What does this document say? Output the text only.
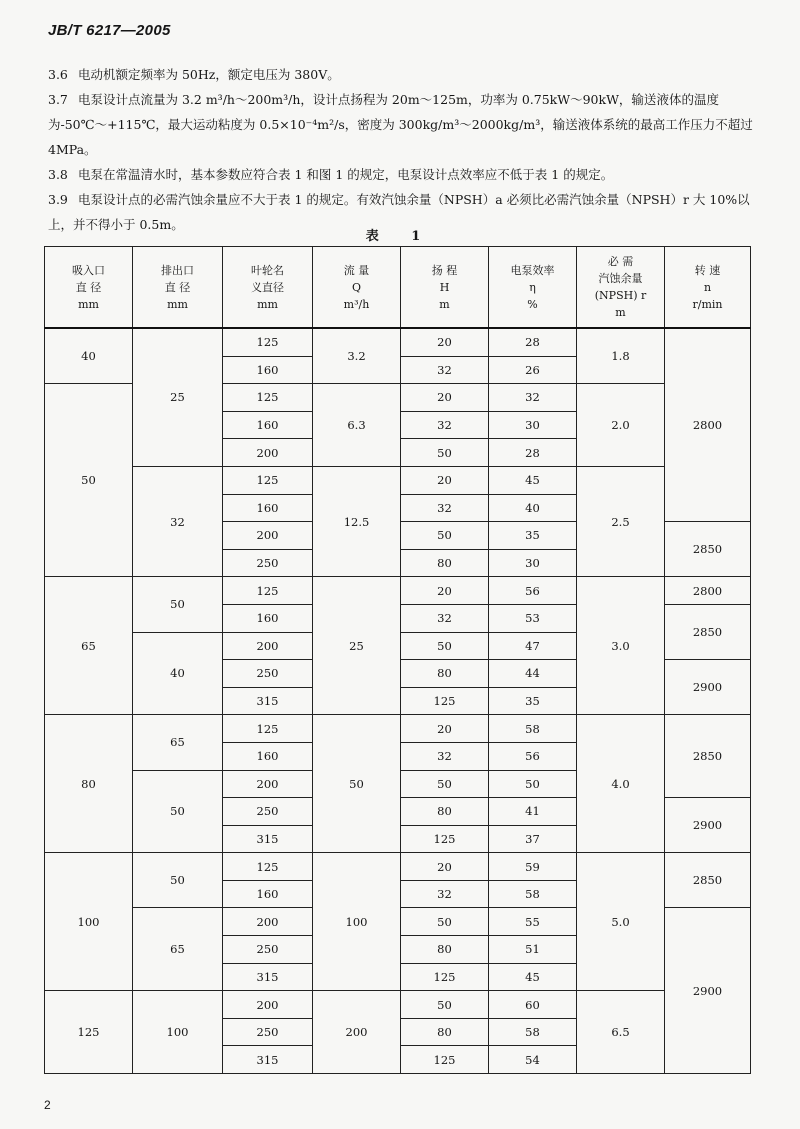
JB/T 6217—2005

3.6 电动机额定频率为 50Hz，额定电压为 380V。

3.7 电泵设计点流量为 3.2 m³/h～200m³/h，设计点扬程为 20m～125m，功率为 0.75kW～90kW，输送液体的温度为-50℃～+115℃，最大运动粘度为 0.5×10⁻⁴m²/s，密度为 300kg/m³～2000kg/m³，输送液体系统的最高工作压力不超过 4MPa。

3.8 电泵在常温清水时，基本参数应符合表 1 和图 1 的规定，电泵设计点效率应不低于表 1 的规定。

3.9 电泵设计点的必需汽蚀余量应不大于表 1 的规定。有效汽蚀余量（NPSH）a 必须比必需汽蚀余量（NPSH）r 大 10%以上，并不得小于 0.5m。

表 1
吸入口
直 径
mm	排出口
直 径
mm	叶轮名
义直径
mm	流 量
Q
m³/h	扬 程
H
m	电泵效率
η
%	必 需
汽蚀余量
(NPSH) r
m	转 速
n
r/min

40	25	125	3.2	20	28	1.8	2800
		160		32	26		
50		125	6.3	20	32	2.0	
		160		32	30		
		200		50	28		
	32	125	12.5	20	45	2.5	
		160		32	40		
		200		50	35		2850
		250		80	30		
65	50	125	25	20	56	3.0	2800
		160		32	53		2850
	40	200		50	47		
		250		80	44		2900
		315		125	35		
80	65	125	50	20	58	4.0	2850
		160		32	56		
	50	200		50	50		
		250		80	41		2900
		315		125	37		
100	50	125	100	20	59	5.0	2850
		160		32	58		
	65	200		50	55		2900
		250		80	51		
		315		125	45		
125	100	200	200	50	60	6.5	
		250		80	58		
		315		125	54		
2
